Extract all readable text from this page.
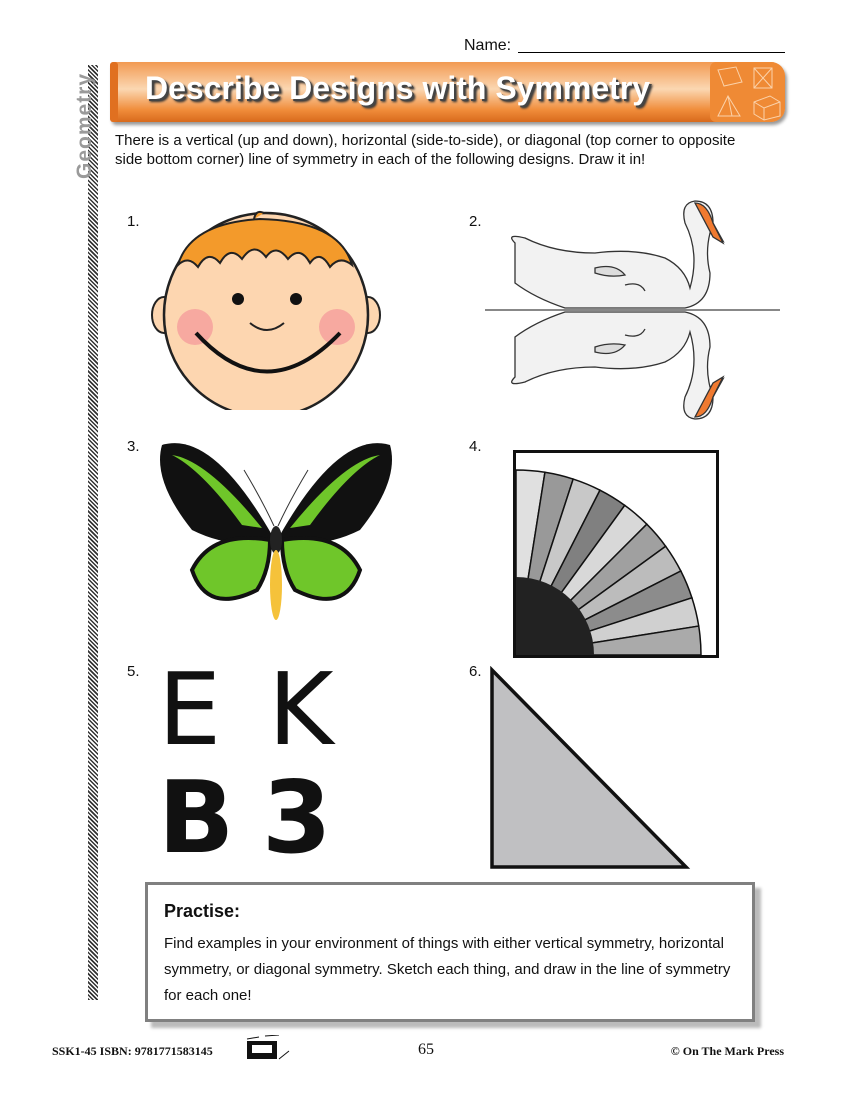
Name:
Geometry Describe Designs with Symmetry
There is a vertical (up and down), horizontal (side-to-side), or diagonal (top corner to opposite side bottom corner) line of symmetry in each of the following designs. Draw it in!
1.	2.
3.	4.
5.	6.
E K
B 3
Practise:
Find examples in your environment of things with either vertical symmetry, horizontal symmetry, or diagonal symmetry. Sketch each thing, and draw in the line of symmetry for each one!
SSK1-45 ISBN: 9781771583145	65	© On The Mark Press
